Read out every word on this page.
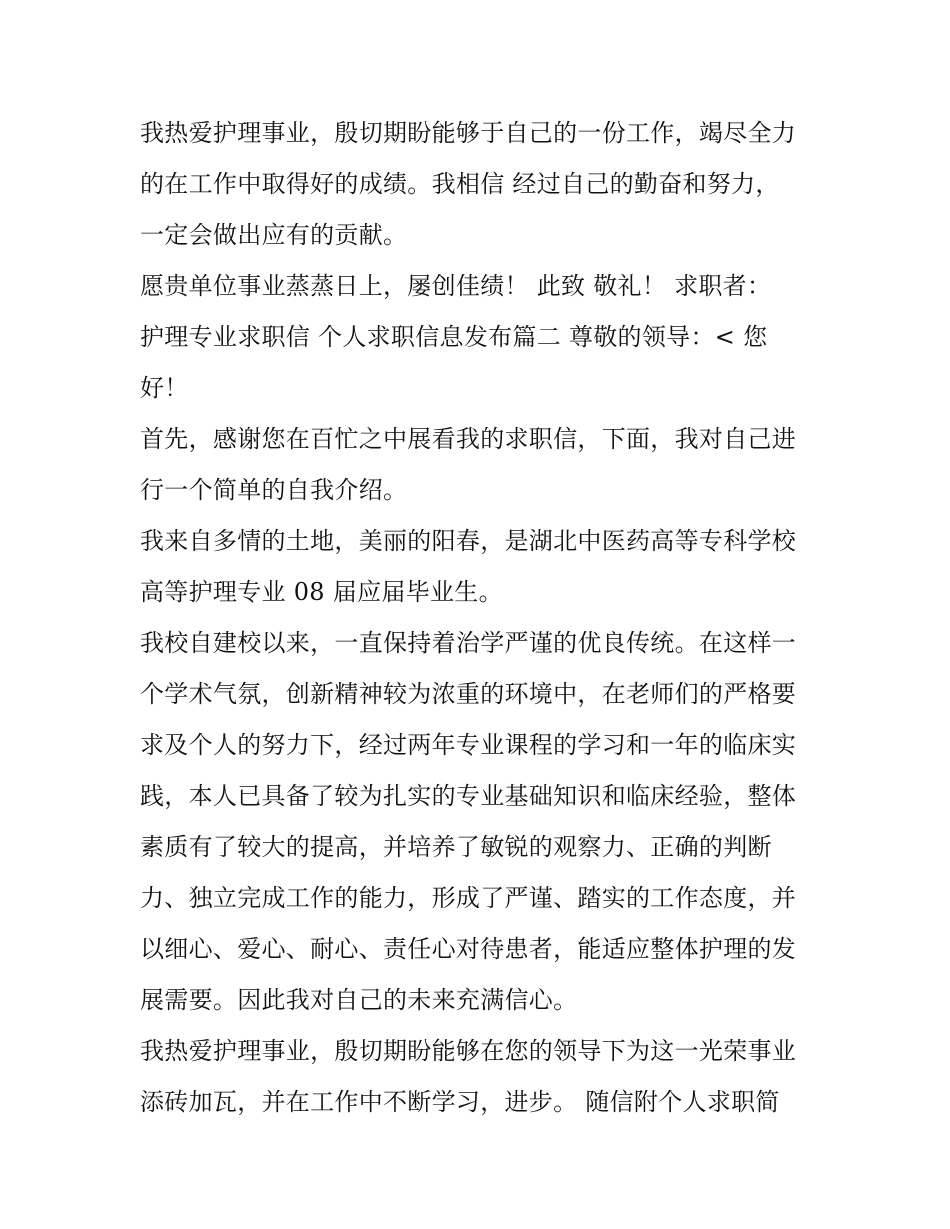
我热爱护理事业，殷切期盼能够于自己的一份工作，竭尽全力
的在工作中取得好的成绩。我相信 经过自己的勤奋和努力，
一定会做出应有的贡献。
愿贵单位事业蒸蒸日上，屡创佳绩！ 此致 敬礼！ 求职者：
护理专业求职信 个人求职信息发布篇二 尊敬的领导：< 您
好！
首先，感谢您在百忙之中展看我的求职信，下面，我对自己进
行一个简单的自我介绍。
我来自多情的土地，美丽的阳春，是湖北中医药高等专科学校
高等护理专业 08 届应届毕业生。
我校自建校以来，一直保持着治学严谨的优良传统。在这样一
个学术气氛，创新精神较为浓重的环境中，在老师们的严格要
求及个人的努力下，经过两年专业课程的学习和一年的临床实
践，本人已具备了较为扎实的专业基础知识和临床经验，整体
素质有了较大的提高，并培养了敏锐的观察力、正确的判断
力、独立完成工作的能力，形成了严谨、踏实的工作态度，并
以细心、爱心、耐心、责任心对待患者，能适应整体护理的发
展需要。因此我对自己的未来充满信心。
我热爱护理事业，殷切期盼能够在您的领导下为这一光荣事业
添砖加瓦，并在工作中不断学习，进步。 随信附个人求职简
